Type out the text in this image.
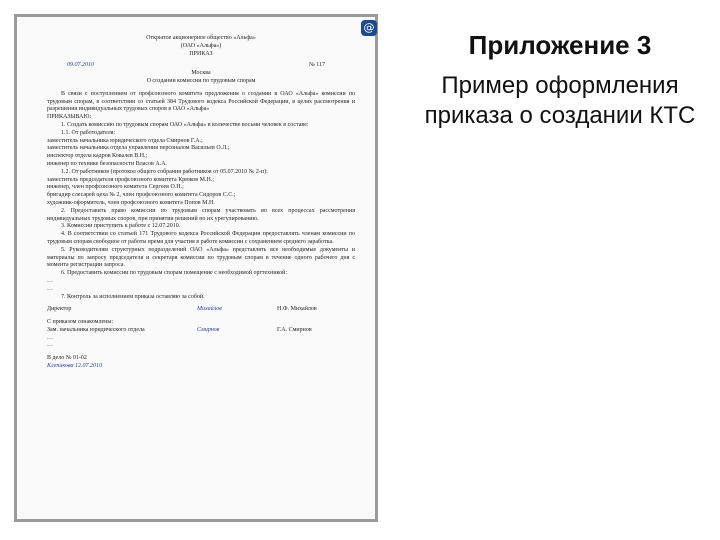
Открытое акционерное общество «Альфа»

(ОАО «Альфа»)

ПРИКАЗ

09.07.2010	№ 117

Москва

О создании комиссии по трудовым спорам

В связи с поступлением от профсоюзного комитета предложения о создании в ОАО «Альфа» комиссии по трудовым спорам, в соответствии со статьей 384 Трудового кодекса Российской Федерации, в целях рассмотрения и разрешения индивидуальных трудовых споров в ОАО «Альфа»

ПРИКАЗЫВАЮ:

1. Создать комиссию по трудовым спорам ОАО «Альфа» в количестве восьми человек в составе:

1.1. От работодателя:

заместитель начальника юридического отдела Смирнов Г.А.;

заместитель начальника отдела управления персоналом Васильев О.Л.;

инспектор отдела кадров Ковалев В.Н.;

инженер по технике безопасности Власов А.А.

1.2. От работников (протокол общего собрания работников от 05.07.2010 № 2-п):

заместитель председателя профсоюзного комитета Крюков М.Н.;

инженер, член профсоюзного комитета Сергеев О.Н.;

бригадир слесарей цеха № 2, член профсоюзного комитета Сидоров С.С.;

художник-оформитель, член профсоюзного комитета Попов М.Н.

2. Предоставить право комиссии по трудовым спорам участвовать во всех процессах рассмотрения индивидуальных трудовых споров, при принятии решений по их урегулированию.

3. Комиссии приступить к работе с 12.07.2010.

4. В соответствии со статьей 171 Трудового кодекса Российской Федерации предоставлять членам комиссии по трудовым спорам свободное от работы время для участия в работе комиссии с сохранением среднего заработка.

5. Руководителям структурных подразделений ОАО «Альфа» представлять все необходимые документы и материалы по запросу председателя и секретаря комиссии по трудовым спорам в течение одного рабочего дня с момента регистрации запроса.

6. Предоставить комиссии по трудовым спорам помещение с необходимой оргтехникой:

…

…

7. Контроль за исполнением приказа оставляю за собой.

Директор	Михайлов	Н.Ф. Михайлов

С приказом ознакомлены:

Зам. начальника юридического отдела	Смирнов	Г.А. Смирнов

…

…

В дело № 01-02

Клепикова 12.07.2010

@
Приложение 3
Пример оформления приказа о создании КТС
